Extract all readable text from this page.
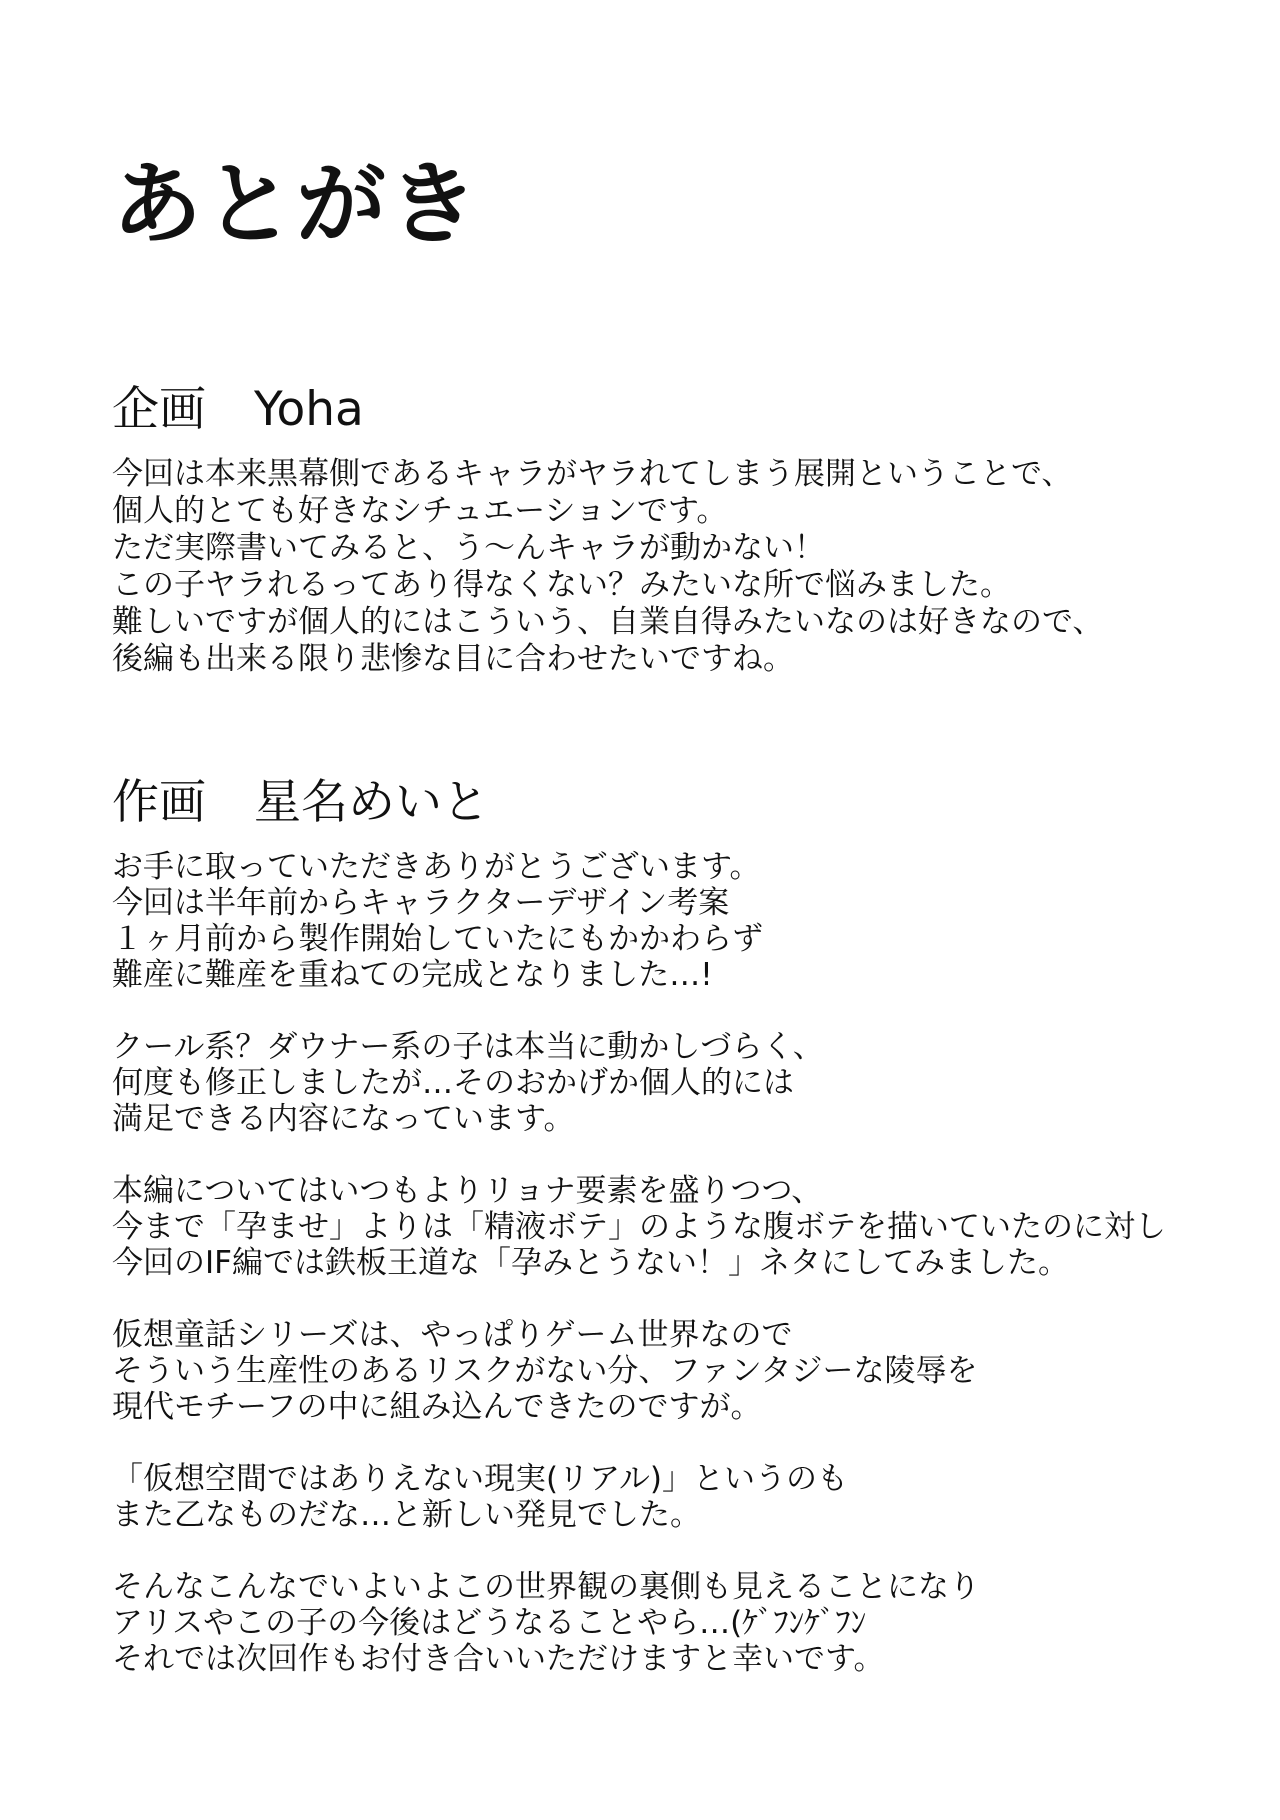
あとがき
企画 Yoha
今回は本来黒幕側であるキャラがヤラれてしまう展開ということで、
個人的とても好きなシチュエーションです。
ただ実際書いてみると、う～んキャラが動かない！
この子ヤラれるってあり得なくない？みたいな所で悩みました。
難しいですが個人的にはこういう、自業自得みたいなのは好きなので、
後編も出来る限り悲惨な目に合わせたいですね。
作画 星名めいと
お手に取っていただきありがとうございます。
今回は半年前からキャラクターデザイン考案
１ヶ月前から製作開始していたにもかかわらず
難産に難産を重ねての完成となりました…!
クール系？ダウナー系の子は本当に動かしづらく、
何度も修正しましたが…そのおかげか個人的には
満足できる内容になっています。
本編についてはいつもよりリョナ要素を盛りつつ、
今まで「孕ませ」よりは「精液ボテ」のような腹ボテを描いていたのに対し
今回のIF編では鉄板王道な「孕みとうない！」ネタにしてみました。
仮想童話シリーズは、やっぱりゲーム世界なので
そういう生産性のあるリスクがない分、ファンタジーな陵辱を
現代モチーフの中に組み込んできたのですが。
「仮想空間ではありえない現実(リアル)」というのも
また乙なものだな…と新しい発見でした。
そんなこんなでいよいよこの世界観の裏側も見えることになり
アリスやこの子の今後はどうなることやら…(ｹﾞﾌﾝｹﾞﾌﾝ
それでは次回作もお付き合いいただけますと幸いです。
